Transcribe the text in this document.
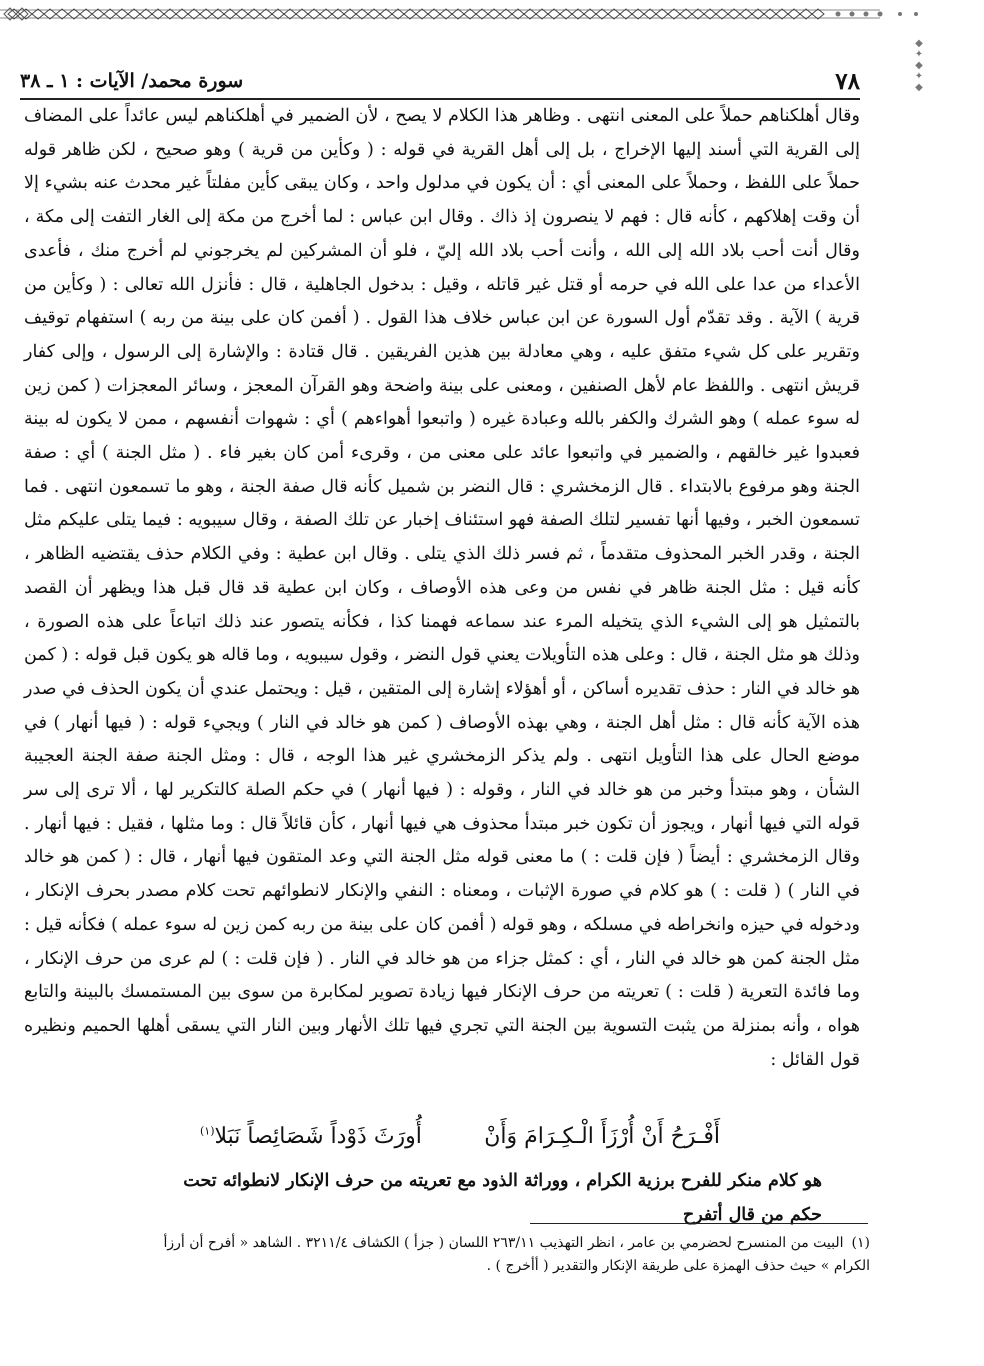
◆
✦
◆
✦
◆
٧٨
سورة محمد/ الآيات : ١ ـ ٣٨

وقال أهلكناهم حملاً على المعنى انتهى . وظاهر هذا الكلام لا يصح ، لأن الضمير في أهلكناهم ليس عائداً على المضاف إلى القرية التي أسند إليها الإخراج ، بل إلى أهل القرية في قوله : ( وكأين من قرية ) وهو صحيح ، لكن ظاهر قوله حملاً على اللفظ ، وحملاً على المعنى أي : أن يكون في مدلول واحد ، وكان يبقى كأين مفلتاً غير محدث عنه بشيء إلا أن وقت إهلاكهم ، كأنه قال : فهم لا ينصرون إذ ذاك . وقال ابن عباس : لما أخرج من مكة إلى الغار التفت إلى مكة ، وقال أنت أحب بلاد الله إلى الله ، وأنت أحب بلاد الله إليّ ، فلو أن المشركين لم يخرجوني لم أخرج منك ، فأعدى الأعداء من عدا على الله في حرمه أو قتل غير قاتله ، وقيل : بدخول الجاهلية ، قال : فأنزل الله تعالى : ( وكأين من قرية ) الآية . وقد تقدّم أول السورة عن ابن عباس خلاف هذا القول . ( أفمن كان على بينة من ربه ) استفهام توقيف وتقرير على كل شيء متفق عليه ، وهي معادلة بين هذين الفريقين . قال قتادة : والإشارة إلى الرسول ، وإلى كفار قريش انتهى . واللفظ عام لأهل الصنفين ، ومعنى على بينة واضحة وهو القرآن المعجز ، وسائر المعجزات ( كمن زين له سوء عمله ) وهو الشرك والكفر بالله وعبادة غيره ( واتبعوا أهواءهم ) أي : شهوات أنفسهم ، ممن لا يكون له بينة فعبدوا غير خالقهم ، والضمير في واتبعوا عائد على معنى من ، وقرىء أمن كان بغير فاء . ( مثل الجنة ) أي : صفة الجنة وهو مرفوع بالابتداء . قال الزمخشري : قال النضر بن شميل كأنه قال صفة الجنة ، وهو ما تسمعون انتهى . فما تسمعون الخبر ، وفيها أنها تفسير لتلك الصفة فهو استئناف إخبار عن تلك الصفة ، وقال سيبويه : فيما يتلى عليكم مثل الجنة ، وقدر الخبر المحذوف متقدماً ، ثم فسر ذلك الذي يتلى . وقال ابن عطية : وفي الكلام حذف يقتضيه الظاهر ، كأنه قيل : مثل الجنة ظاهر في نفس من وعى هذه الأوصاف ، وكان ابن عطية قد قال قبل هذا ويظهر أن القصد بالتمثيل هو إلى الشيء الذي يتخيله المرء عند سماعه فهمنا كذا ، فكأنه يتصور عند ذلك اتباعاً على هذه الصورة ، وذلك هو مثل الجنة ، قال : وعلى هذه التأويلات يعني قول النضر ، وقول سيبويه ، وما قاله هو يكون قبل قوله : ( كمن هو خالد في النار : حذف تقديره أساكن ، أو أهؤلاء إشارة إلى المتقين ، قيل : ويحتمل عندي أن يكون الحذف في صدر هذه الآية كأنه قال : مثل أهل الجنة ، وهي بهذه الأوصاف ( كمن هو خالد في النار ) ويجيء قوله : ( فيها أنهار ) في موضع الحال على هذا التأويل انتهى . ولم يذكر الزمخشري غير هذا الوجه ، قال : ومثل الجنة صفة الجنة العجيبة الشأن ، وهو مبتدأ وخبر من هو خالد في النار ، وقوله : ( فيها أنهار ) في حكم الصلة كالتكرير لها ، ألا ترى إلى سر قوله التي فيها أنهار ، ويجوز أن تكون خبر مبتدأ محذوف هي فيها أنهار ، كأن قائلاً قال : وما مثلها ، فقيل : فيها أنهار . وقال الزمخشري : أيضاً ( فإن قلت : ) ما معنى قوله مثل الجنة التي وعد المتقون فيها أنهار ، قال : ( كمن هو خالد في النار ) ( قلت : ) هو كلام في صورة الإثبات ، ومعناه : النفي والإنكار لانطوائهم تحت كلام مصدر بحرف الإنكار ، ودخوله في حيزه وانخراطه في مسلكه ، وهو قوله ( أفمن كان على بينة من ربه كمن زين له سوء عمله ) فكأنه قيل : مثل الجنة كمن هو خالد في النار ، أي : كمثل جزاء من هو خالد في النار . ( فإن قلت : ) لم عرى من حرف الإنكار ، وما فائدة التعرية ( قلت : ) تعريته من حرف الإنكار فيها زيادة تصوير لمكابرة من سوى بين المستمسك بالبينة والتابع هواه ، وأنه بمنزلة من يثبت التسوية بين الجنة التي تجري فيها تلك الأنهار وبين النار التي يسقى أهلها الحميم ونظيره قول القائل :

أَفْـرَحُ أَنْ أُرْزَأَ الْـكِـرَامَ وَأَنْ
أُورَثَ ذَوْداً شَصَائِصاً نَبَلا$^{(١)}$
هو كلام منكر للفرح برزية الكرام ، ووراثة الذود مع تعريته من حرف الإنكار لانطوائه تحت حكم من قال أتفرح

(١)البيت من المنسرح لحضرمي بن عامر ، انظر التهذيب ٢٦٣/١١ اللسان ( جزأ ) الكشاف ٣٢١١/٤ . الشاهد « أفرح أن أرزأ الكرام » حيث حذف الهمزة على طريقة الإنكار والتقدير ( أأخرج ) .
